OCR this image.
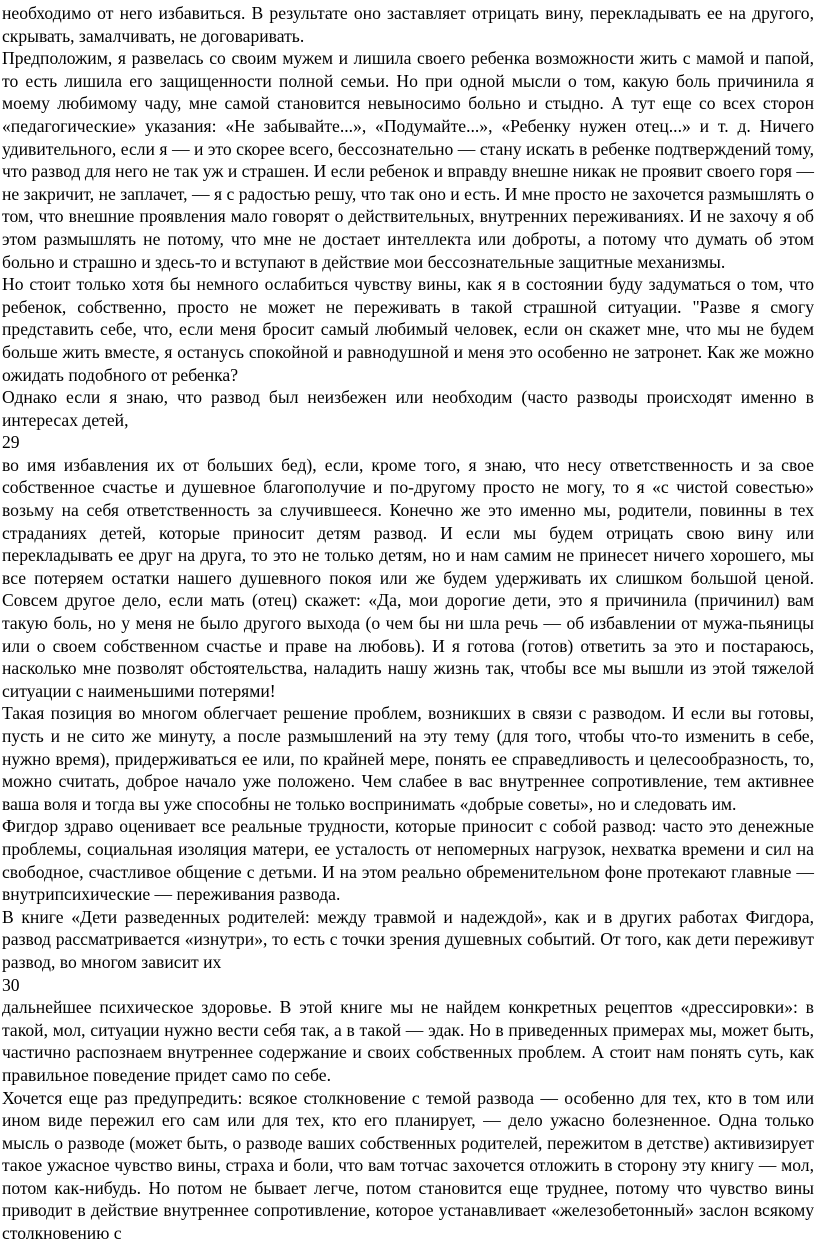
необходимо от него избавиться. В результате оно заставляет отрицать вину, перекладывать ее на другого, скрывать, замалчивать, не договаривать.

Предположим, я развелась со своим мужем и лишила своего ребенка возможности жить с мамой и папой, то есть лишила его защищенности полной семьи. Но при одной мысли о том, какую боль причинила я моему любимому чаду, мне самой становится невыносимо больно и стыдно. А тут еще со всех сторон «педагогические» указания: «Не забывайте...», «Подумайте...», «Ребенку нужен отец...» и т. д. Ничего удивительного, если я — и это скорее всего, бессознательно — стану искать в ребенке подтверждений тому, что развод для него не так уж и страшен. И если ребенок и вправду внешне никак не проявит своего горя — не закричит, не заплачет, — я с радостью решу, что так оно и есть. И мне просто не захочется размышлять о том, что внешние проявления мало говорят о действительных, внутренних переживаниях. И не захочу я об этом размышлять не потому, что мне не достает интеллекта или доброты, а потому что думать об этом больно и страшно и здесь-то и вступают в действие мои бессознательные защитные механизмы.

Но стоит только хотя бы немного ослабиться чувству вины, как я в состоянии буду задуматься о том, что ребенок, собственно, просто не может не переживать в такой страшной ситуации. "Разве я смогу представить себе, что, если меня бросит самый любимый человек, если он скажет мне, что мы не будем больше жить вместе, я останусь спокойной и равнодушной и меня это особенно не затронет. Как же можно ожидать подобного от ребенка?

Однако если я знаю, что развод был неизбежен или необходим (часто разводы происходят именно в интересах детей,

29

во имя избавления их от больших бед), если, кроме того, я знаю, что несу ответственность и за свое собственное счастье и душевное благополучие и по-другому просто не могу, то я «с чистой совестью» возьму на себя ответственность за случившееся. Конечно же это именно мы, родители, повинны в тех страданиях детей, которые приносит детям развод. И если мы будем отрицать свою вину или перекладывать ее друг на друга, то это не только детям, но и нам самим не принесет ничего хорошего, мы все потеряем остатки нашего душевного покоя или же будем удерживать их слишком большой ценой. Совсем другое дело, если мать (отец) скажет: «Да, мои дорогие дети, это я причинила (причинил) вам такую боль, но у меня не было другого выхода (о чем бы ни шла речь — об избавлении от мужа-пьяницы или о своем собственном счастье и праве на любовь). И я готова (готов) ответить за это и постараюсь, насколько мне позволят обстоятельства, наладить нашу жизнь так, чтобы все мы вышли из этой тяжелой ситуации с наименьшими потерями!

Такая позиция во многом облегчает решение проблем, возникших в связи с разводом. И если вы готовы, пусть и не сито же минуту, а после размышлений на эту тему (для того, чтобы что-то изменить в себе, нужно время), придерживаться ее или, по крайней мере, понять ее справедливость и целесообразность, то, можно считать, доброе начало уже положено. Чем слабее в вас внутреннее сопротивление, тем активнее ваша воля и тогда вы уже способны не только воспринимать «добрые советы», но и следовать им.

Фигдор здраво оценивает все реальные трудности, которые приносит с собой развод: часто это денежные проблемы, социальная изоляция матери, ее усталость от непомерных нагрузок, нехватка времени и сил на свободное, счастливое общение с детьми. И на этом реально обременительном фоне протекают главные — внутрипсихические — переживания развода.

В книге «Дети разведенных родителей: между травмой и надеждой», как и в других работах Фигдора, развод рассматривается «изнутри», то есть с точки зрения душевных событий. От того, как дети переживут развод, во многом зависит их

30

дальнейшее психическое здоровье. В этой книге мы не найдем конкретных рецептов «дрессировки»: в такой, мол, ситуации нужно вести себя так, а в такой — эдак. Но в приведенных примерах мы, может быть, частично распознаем внутреннее содержание и своих собственных проблем. А стоит нам понять суть, как правильное поведение придет само по себе.

Хочется еще раз предупредить: всякое столкновение с темой развода — особенно для тех, кто в том или ином виде пережил его сам или для тех, кто его планирует, — дело ужасно болезненное. Одна только мысль о разводе (может быть, о разводе ваших собственных родителей, пережитом в детстве) активизирует такое ужасное чувство вины, страха и боли, что вам тотчас захочется отложить в сторону эту книгу — мол, потом как-нибудь. Но потом не бывает легче, потом становится еще труднее, потому что чувство вины приводит в действие внутреннее сопротивление, которое устанавливает «железобетонный» заслон всякому столкновению с
